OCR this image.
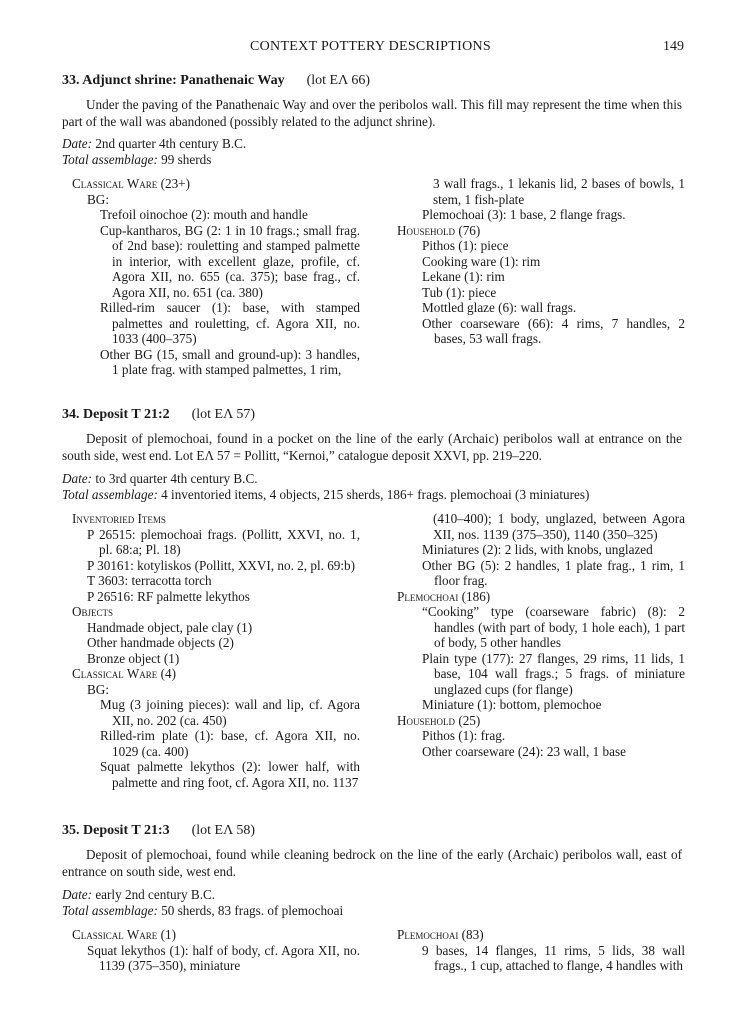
CONTEXT POTTERY DESCRIPTIONS	149
33. Adjunct shrine: Panathenaic Way (lot EΛ 66)
Under the paving of the Panathenaic Way and over the peribolos wall. This fill may represent the time when this part of the wall was abandoned (possibly related to the adjunct shrine).
Date: 2nd quarter 4th century B.C.
Total assemblage: 99 sherds
Classical Ware (23+)
BG:
Trefoil oinochoe (2): mouth and handle
Cup-kantharos, BG (2: 1 in 10 frags.; small frag. of 2nd base): rouletting and stamped palmette in interior, with excellent glaze, profile, cf. Agora XII, no. 655 (ca. 375); base frag., cf. Agora XII, no. 651 (ca. 380)
Rilled-rim saucer (1): base, with stamped palmettes and rouletting, cf. Agora XII, no. 1033 (400–375)
Other BG (15, small and ground-up): 3 handles, 1 plate frag. with stamped palmettes, 1 rim,
3 wall frags., 1 lekanis lid, 2 bases of bowls, 1 stem, 1 fish-plate
Plemochoai (3): 1 base, 2 flange frags.
Household (76)
Pithos (1): piece
Cooking ware (1): rim
Lekane (1): rim
Tub (1): piece
Mottled glaze (6): wall frags.
Other coarseware (66): 4 rims, 7 handles, 2 bases, 53 wall frags.
34. Deposit T 21:2 (lot EΛ 57)
Deposit of plemochoai, found in a pocket on the line of the early (Archaic) peribolos wall at entrance on the south side, west end. Lot EΛ 57 = Pollitt, “Kernoi,” catalogue deposit XXVI, pp. 219–220.
Date: to 3rd quarter 4th century B.C.
Total assemblage: 4 inventoried items, 4 objects, 215 sherds, 186+ frags. plemochoai (3 miniatures)
Inventoried Items
P 26515: plemochoai frags. (Pollitt, XXVI, no. 1, pl. 68:a; Pl. 18)
P 30161: kotyliskos (Pollitt, XXVI, no. 2, pl. 69:b)
T 3603: terracotta torch
P 26516: RF palmette lekythos
Objects
Handmade object, pale clay (1)
Other handmade objects (2)
Bronze object (1)
Classical Ware (4)
BG:
Mug (3 joining pieces): wall and lip, cf. Agora XII, no. 202 (ca. 450)
Rilled-rim plate (1): base, cf. Agora XII, no. 1029 (ca. 400)
Squat palmette lekythos (2): lower half, with palmette and ring foot, cf. Agora XII, no. 1137
(410–400); 1 body, unglazed, between Agora XII, nos. 1139 (375–350), 1140 (350–325)
Miniatures (2): 2 lids, with knobs, unglazed
Other BG (5): 2 handles, 1 plate frag., 1 rim, 1 floor frag.
Plemochoai (186)
“Cooking” type (coarseware fabric) (8): 2 handles (with part of body, 1 hole each), 1 part of body, 5 other handles
Plain type (177): 27 flanges, 29 rims, 11 lids, 1 base, 104 wall frags.; 5 frags. of miniature unglazed cups (for flange)
Miniature (1): bottom, plemochoe
Household (25)
Pithos (1): frag.
Other coarseware (24): 23 wall, 1 base
35. Deposit T 21:3 (lot EΛ 58)
Deposit of plemochoai, found while cleaning bedrock on the line of the early (Archaic) peribolos wall, east of entrance on south side, west end.
Date: early 2nd century B.C.
Total assemblage: 50 sherds, 83 frags. of plemochoai
Classical Ware (1)
Squat lekythos (1): half of body, cf. Agora XII, no. 1139 (375–350), miniature
Plemochoai (83)
9 bases, 14 flanges, 11 rims, 5 lids, 38 wall frags., 1 cup, attached to flange, 4 handles with
